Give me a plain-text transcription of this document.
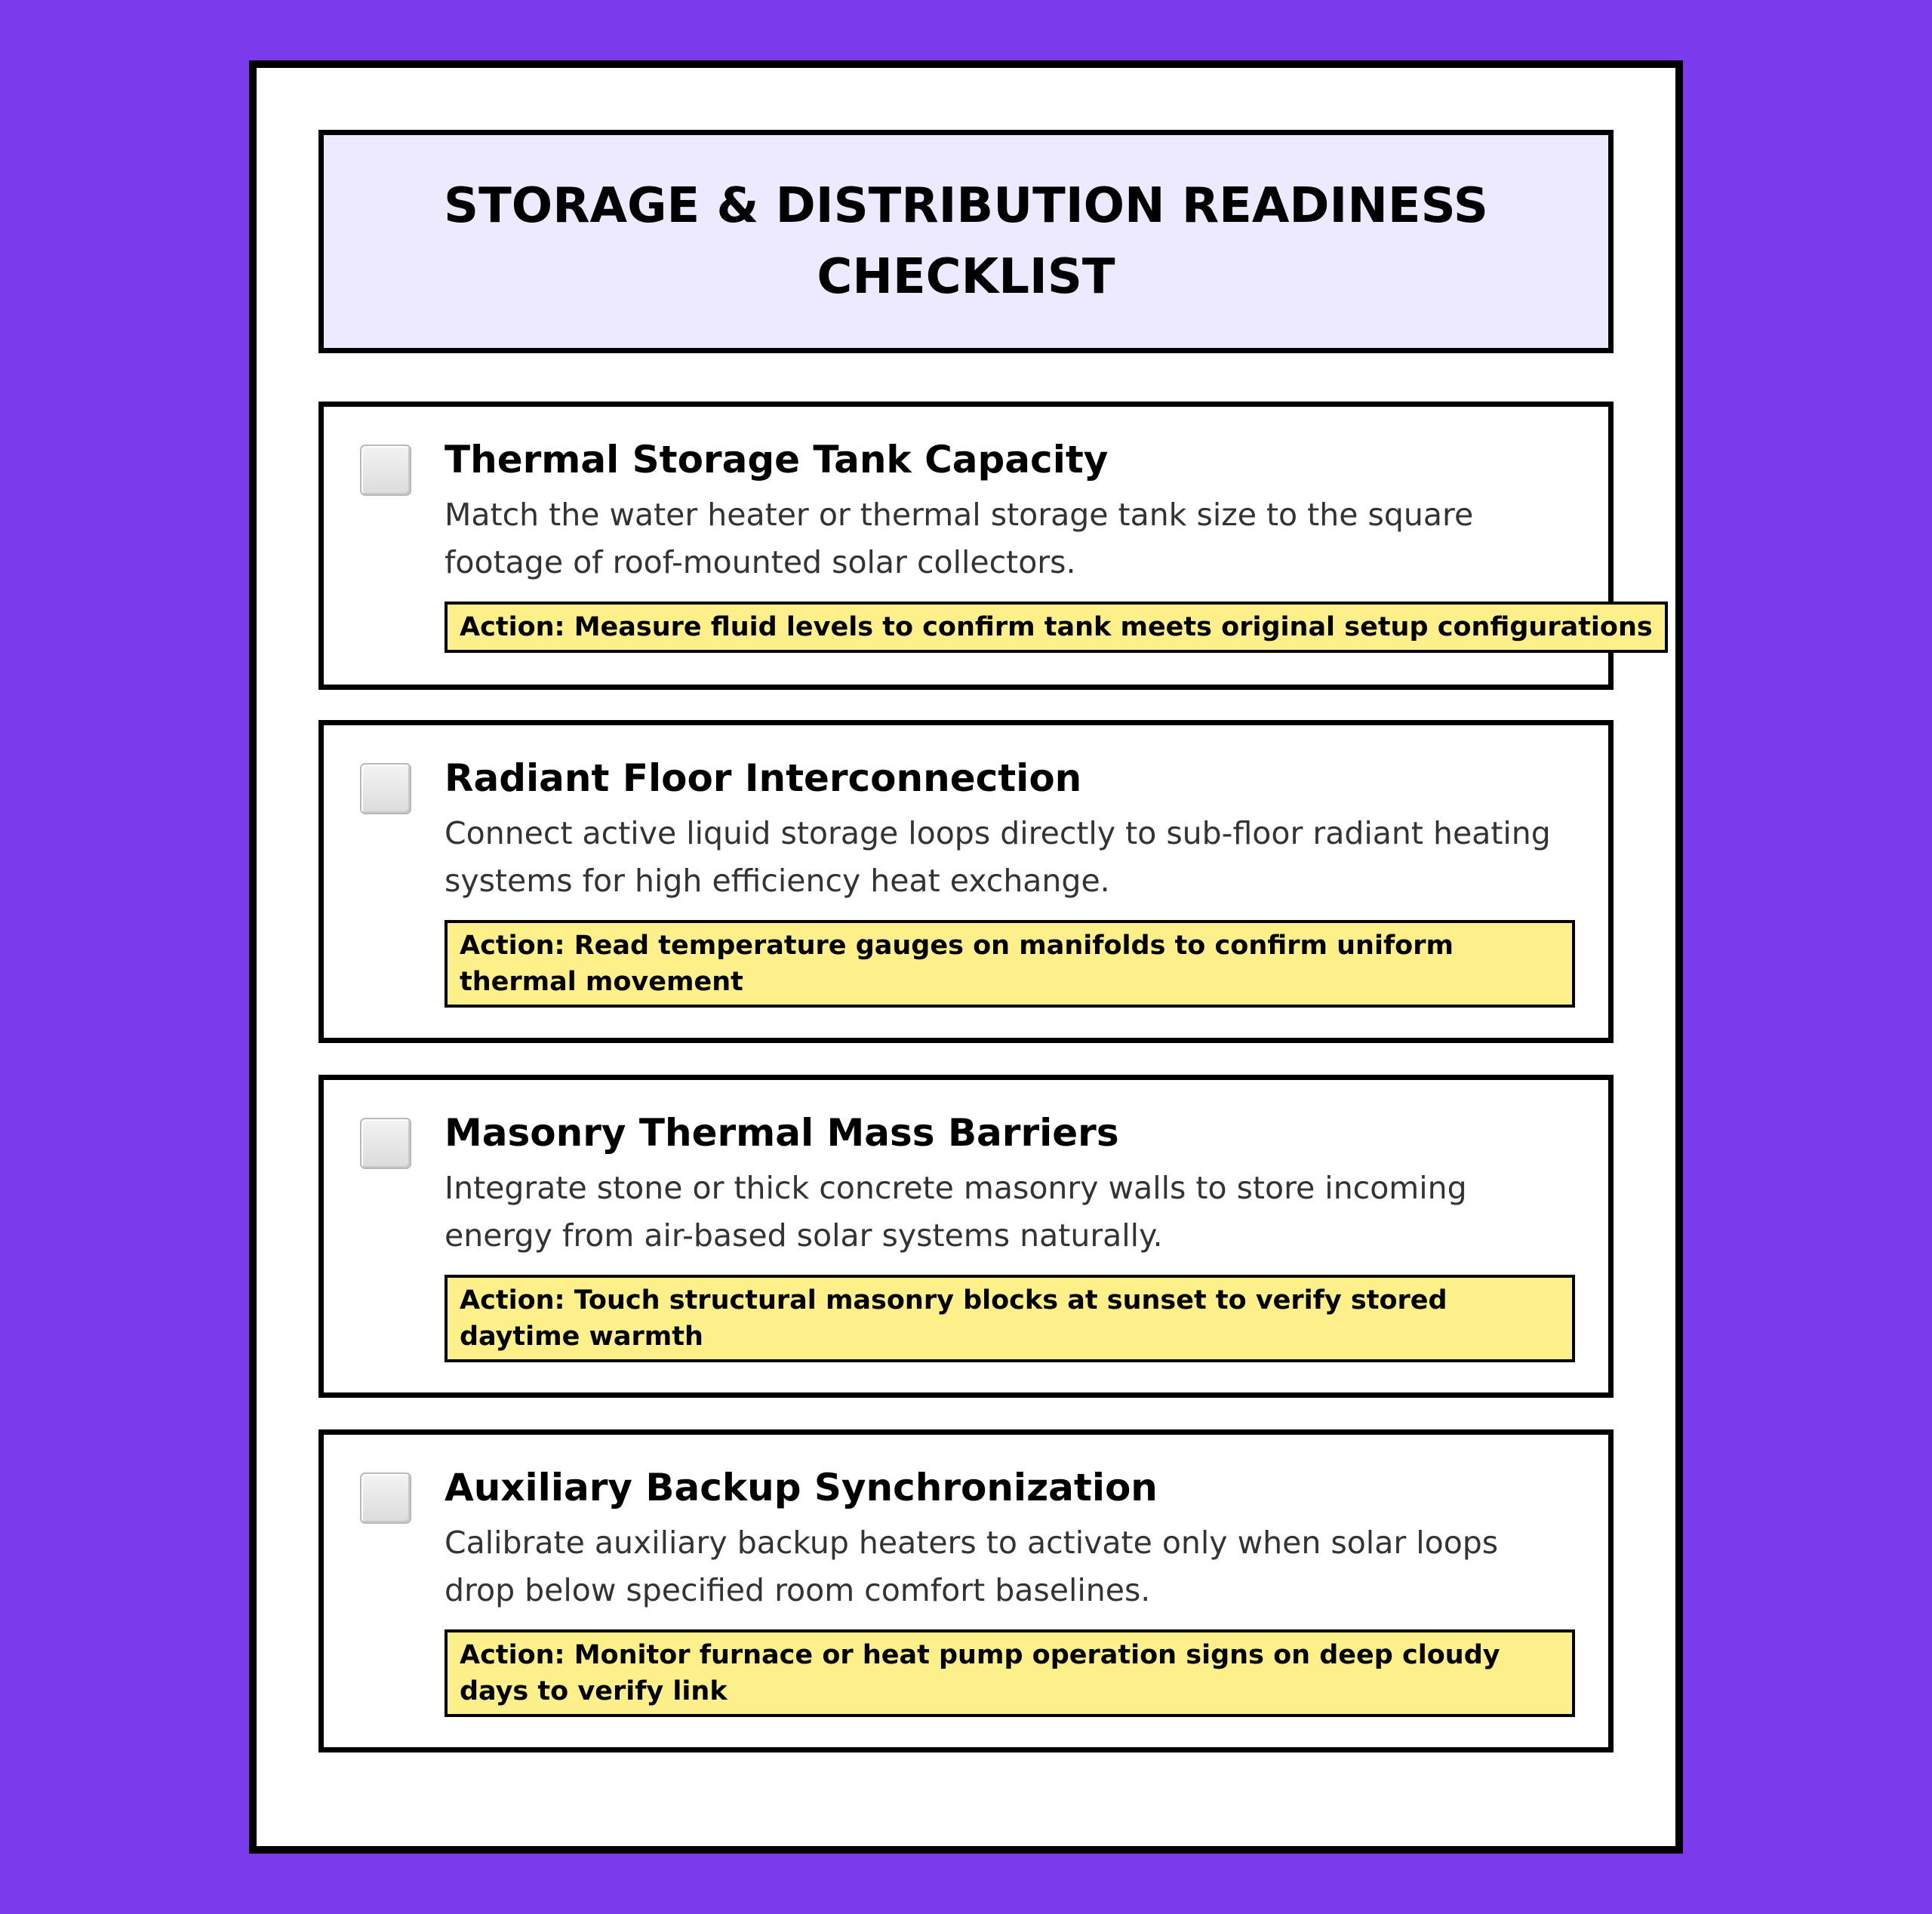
STORAGE & DISTRIBUTION READINESS CHECKLIST
Thermal Storage Tank Capacity

Match the water heater or thermal storage tank size to the square footage of roof-mounted solar collectors.

Action: Measure fluid levels to confirm tank meets original setup configurations
Radiant Floor Interconnection

Connect active liquid storage loops directly to sub-floor radiant heating systems for high efficiency heat exchange.

Action: Read temperature gauges on manifolds to confirm uniform thermal movement
Masonry Thermal Mass Barriers

Integrate stone or thick concrete masonry walls to store incoming energy from air-based solar systems naturally.

Action: Touch structural masonry blocks at sunset to verify stored daytime warmth
Auxiliary Backup Synchronization

Calibrate auxiliary backup heaters to activate only when solar loops drop below specified room comfort baselines.

Action: Monitor furnace or heat pump operation signs on deep cloudy days to verify link
